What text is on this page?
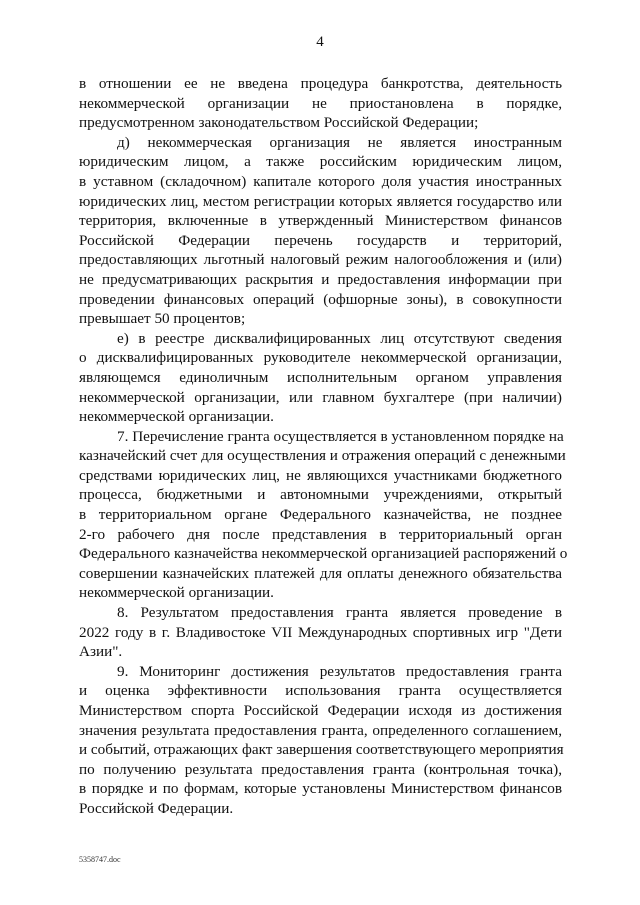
4
в отношении ее не введена процедура банкротства, деятельность
некоммерческой организации не приостановлена в порядке,
предусмотренном законодательством Российской Федерации;
д) некоммерческая организация не является иностранным
юридическим лицом, а также российским юридическим лицом,
в уставном (складочном) капитале которого доля участия иностранных
юридических лиц, местом регистрации которых является государство или
территория, включенные в утвержденный Министерством финансов
Российской Федерации перечень государств и территорий,
предоставляющих льготный налоговый режим налогообложения и (или)
не предусматривающих раскрытия и предоставления информации при
проведении финансовых операций (офшорные зоны), в совокупности
превышает 50 процентов;
е) в реестре дисквалифицированных лиц отсутствуют сведения
о дисквалифицированных руководителе некоммерческой организации,
являющемся единоличным исполнительным органом управления
некоммерческой организации, или главном бухгалтере (при наличии)
некоммерческой организации.
7. Перечисление гранта осуществляется в установленном порядке на
казначейский счет для осуществления и отражения операций с денежными
средствами юридических лиц, не являющихся участниками бюджетного
процесса, бюджетными и автономными учреждениями, открытый
в территориальном органе Федерального казначейства, не позднее
2-го рабочего дня после представления в территориальный орган
Федерального казначейства некоммерческой организацией распоряжений о
совершении казначейских платежей для оплаты денежного обязательства
некоммерческой организации.
8. Результатом предоставления гранта является проведение в
2022 году в г. Владивостоке VII Международных спортивных игр "Дети
Азии".
9. Мониторинг достижения результатов предоставления гранта
и оценка эффективности использования гранта осуществляется
Министерством спорта Российской Федерации исходя из достижения
значения результата предоставления гранта, определенного соглашением,
и событий, отражающих факт завершения соответствующего мероприятия
по получению результата предоставления гранта (контрольная точка),
в порядке и по формам, которые установлены Министерством финансов
Российской Федерации.
5358747.doc
